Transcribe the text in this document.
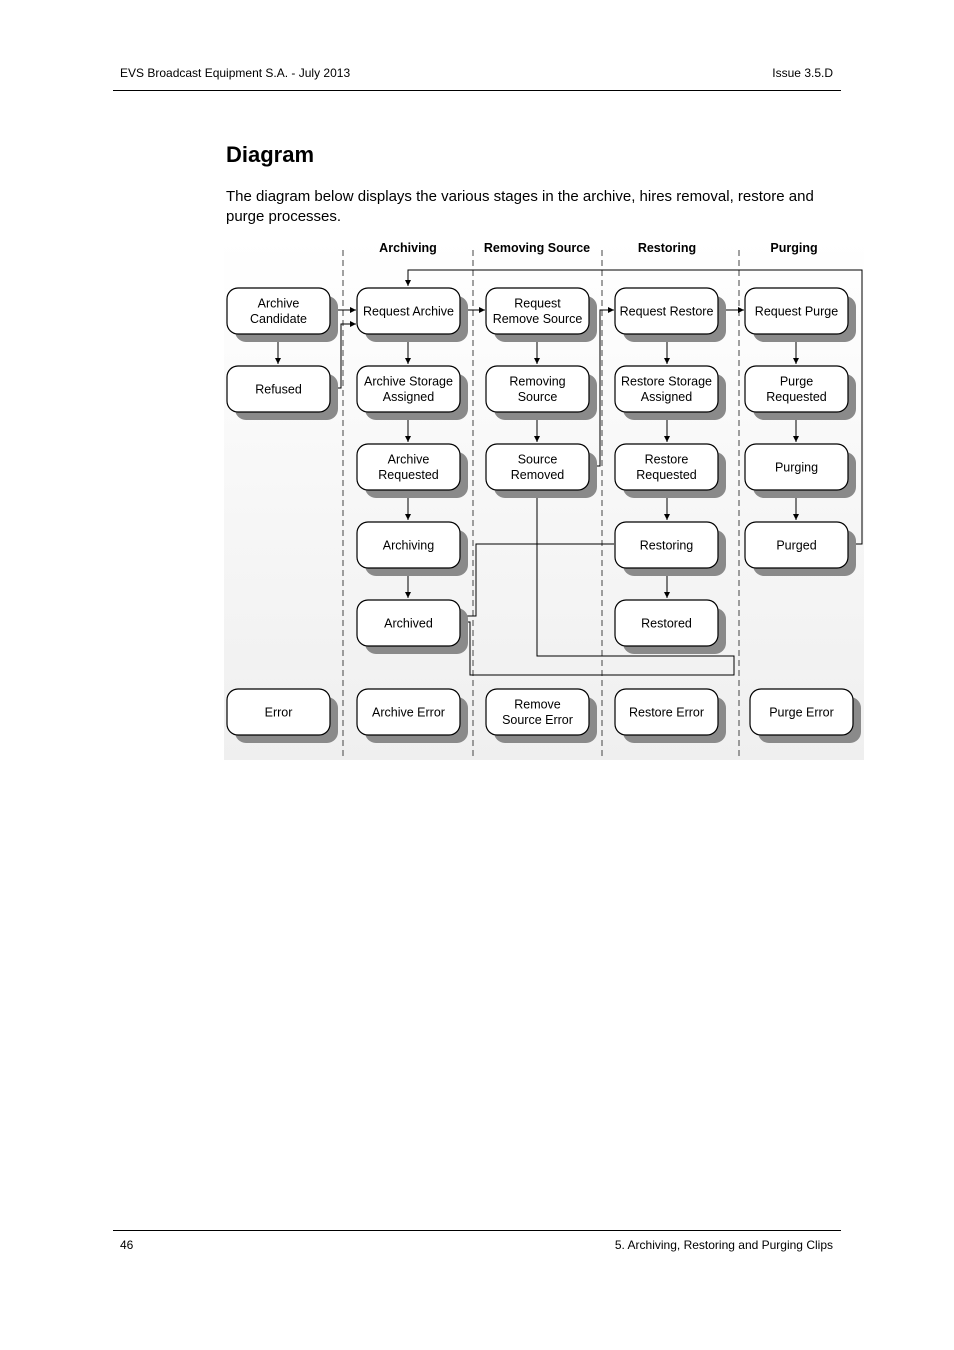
EVS Broadcast Equipment S.A. - July 2013	Issue 3.5.D
Diagram

The diagram below displays the various stages in the archive, hires removal, restore and purge processes.

Archiving	Removing Source	Restoring	Purging
Archive
Candidate
Refused
Error
Request Archive
Archive Storage
Assigned
Archive
Requested
Archiving
Archived
Archive Error
Request
Remove Source
Removing
Source
Source
Removed
Remove
Source Error
Request Restore
Restore Storage
Assigned
Restore
Requested
Restoring
Restored
Restore Error
Request Purge
Purge
Requested
Purging
Purged
Purge Error
46	5. Archiving, Restoring and Purging Clips
